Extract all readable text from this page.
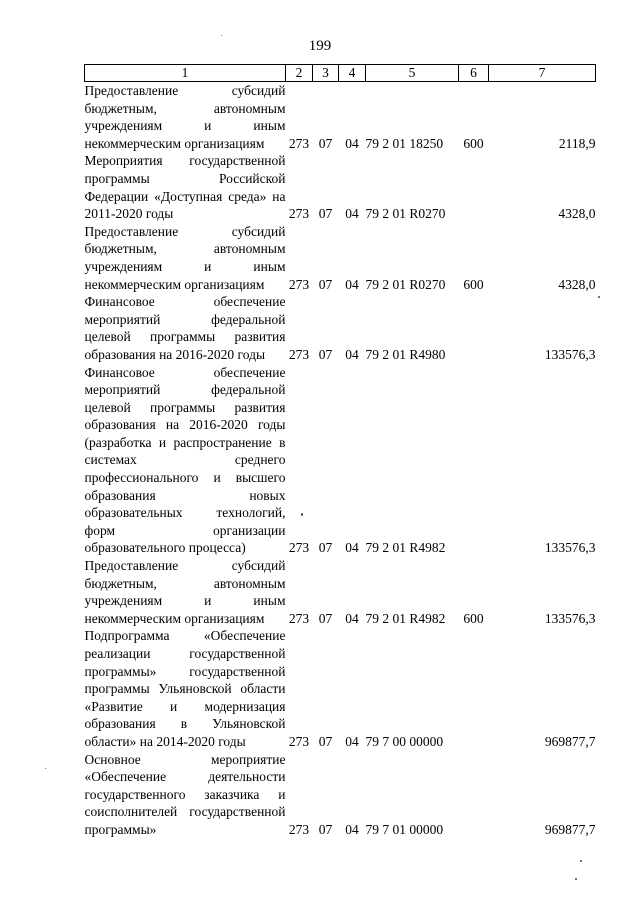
199
1	2	3	4	5	6	7
Предоставление субсидий бюджетным, автономным учреждениям и иным некоммерческим организациям	273	07	04	79 2 01 18250	600	2118,9
Мероприятия государственной программы Российской Федерации «Доступная среда» на 2011-2020 годы	273	07	04	79 2 01 R0270		4328,0
Предоставление субсидий бюджетным, автономным учреждениям и иным некоммерческим организациям	273	07	04	79 2 01 R0270	600	4328,0
Финансовое обеспечение мероприятий федеральной целевой программы развития образования на 2016-2020 годы	273	07	04	79 2 01 R4980		133576,3
Финансовое обеспечение мероприятий федеральной целевой программы развития образования на 2016-2020 годы (разработка и распространение в системах среднего профессионального и высшего образования новых образовательных технологий, форм организации образовательного процесса)	273	07	04	79 2 01 R4982		133576,3
Предоставление субсидий бюджетным, автономным учреждениям и иным некоммерческим организациям	273	07	04	79 2 01 R4982	600	133576,3
Подпрограмма «Обеспечение реализации государственной программы» государственной программы Ульяновской области «Развитие и модернизация образования в Ульяновской области» на 2014-2020 годы	273	07	04	79 7 00 00000		969877,7
Основное мероприятие «Обеспечение деятельности государственного заказчика и соисполнителей государственной программы»	273	07	04	79 7 01 00000		969877,7
